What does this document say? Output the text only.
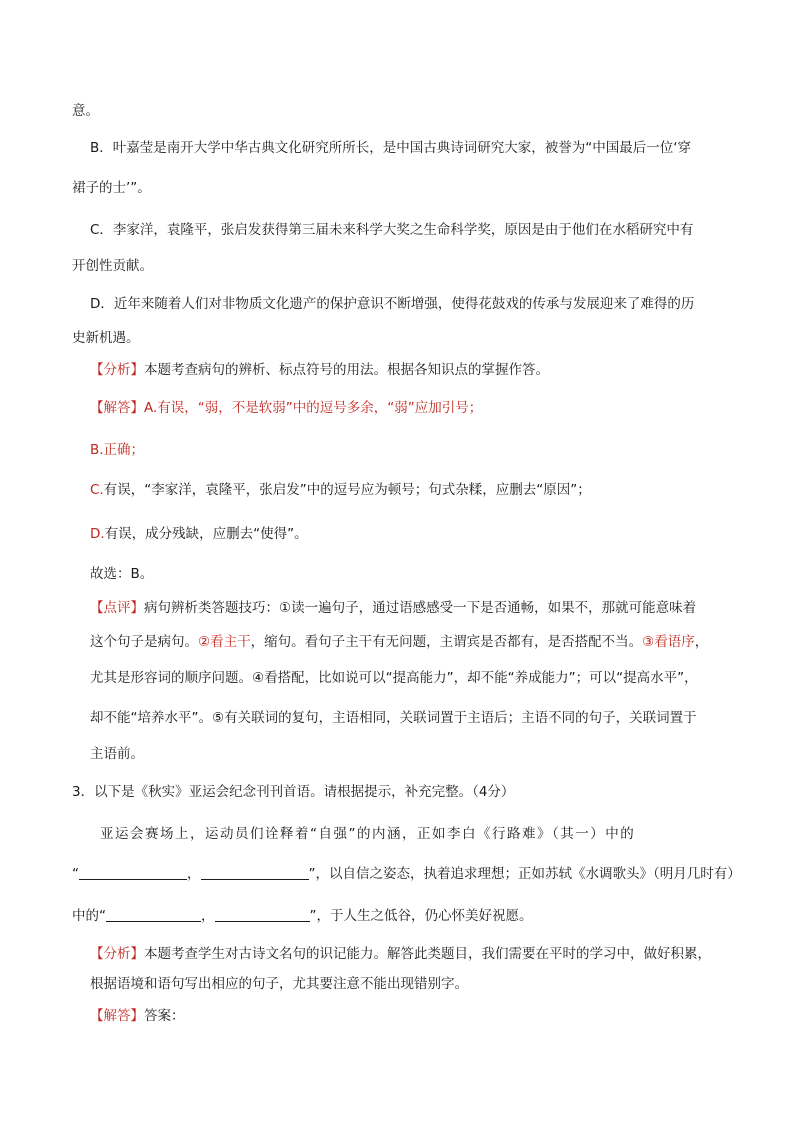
意。
B．叶嘉莹是南开大学中华古典文化研究所所长，是中国古典诗词研究大家，被誉为“中国最后一位‘穿
裙子的士’”。
C．李家洋，袁隆平，张启发获得第三届未来科学大奖之生命科学奖，原因是由于他们在水稻研究中有
开创性贡献。
D．近年来随着人们对非物质文化遗产的保护意识不断增强，使得花鼓戏的传承与发展迎来了难得的历
史新机遇。
【分析】本题考查病句的辨析、标点符号的用法。根据各知识点的掌握作答。
【解答】A.有误，“弱，不是软弱”中的逗号多余，“弱”应加引号；
B.正确；
C.有误，“李家洋，袁隆平，张启发”中的逗号应为顿号；句式杂糅，应删去“原因”；
D.有误，成分残缺，应删去“使得”。
故选：B。
【点评】病句辨析类答题技巧：①读一遍句子，通过语感感受一下是否通畅，如果不，那就可能意味着
这个句子是病句。②看主干，缩句。看句子主干有无问题，主谓宾是否都有，是否搭配不当。③看语序，
尤其是形容词的顺序问题。④看搭配，比如说可以“提高能力”，却不能“养成能力”；可以“提高水平”，
却不能“培养水平”。⑤有关联词的复句，主语相同，关联词置于主语后；主语不同的句子，关联词置于
主语前。
3．以下是《秋实》亚运会纪念刊刊首语。请根据提示，补充完整。（4分）
亚运会赛场上，运动员们诠释着“自强”的内涵，正如李白《行路难》（其一）中的
“	，	”，以自信之姿态，执着追求理想；正如苏轼《水调歌头》（明月几时有）
中的“	，	”，于人生之低谷，仍心怀美好祝愿。
【分析】本题考查学生对古诗文名句的识记能力。解答此类题目，我们需要在平时的学习中，做好积累，
根据语境和语句写出相应的句子，尤其要注意不能出现错别字。
【解答】答案：
